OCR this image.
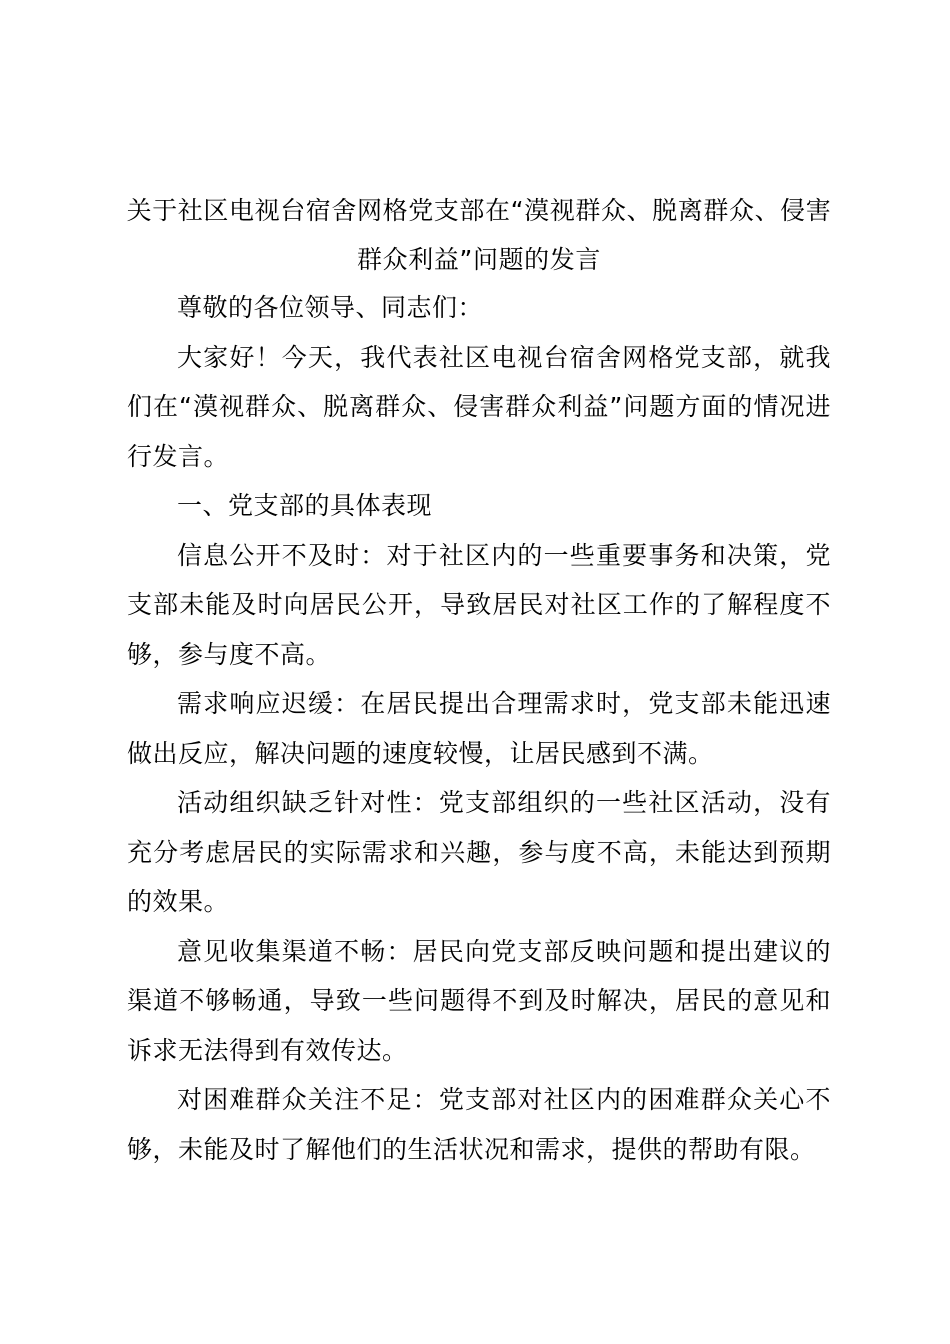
关于社区电视台宿舍网格党支部在“漠视群众、脱离群众、侵害群众利益”问题的发言

尊敬的各位领导、同志们：

大家好！今天，我代表社区电视台宿舍网格党支部，就我们在“漠视群众、脱离群众、侵害群众利益”问题方面的情况进行发言。

一、党支部的具体表现

信息公开不及时：对于社区内的一些重要事务和决策，党支部未能及时向居民公开，导致居民对社区工作的了解程度不够，参与度不高。

需求响应迟缓：在居民提出合理需求时，党支部未能迅速做出反应，解决问题的速度较慢，让居民感到不满。

活动组织缺乏针对性：党支部组织的一些社区活动，没有充分考虑居民的实际需求和兴趣，参与度不高，未能达到预期的效果。

意见收集渠道不畅：居民向党支部反映问题和提出建议的渠道不够畅通，导致一些问题得不到及时解决，居民的意见和诉求无法得到有效传达。

对困难群众关注不足：党支部对社区内的困难群众关心不够，未能及时了解他们的生活状况和需求，提供的帮助有限。
